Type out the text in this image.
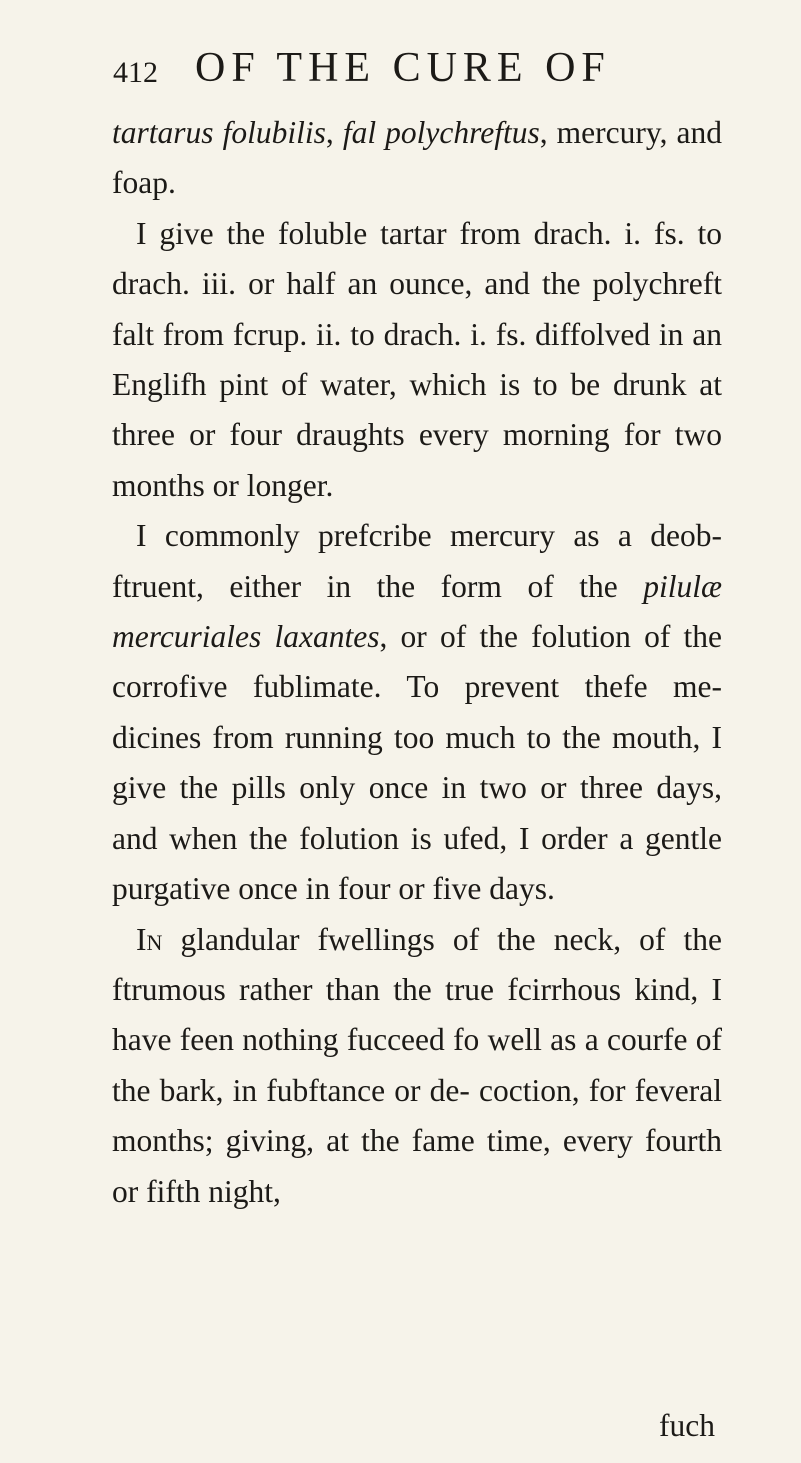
412 OF THE CURE OF

tartarus folubilis, fal polychreftus, mercury, and foap.

I give the foluble tartar from drach. i. fs. to drach. iii. or half an ounce, and the polychreft falt from fcrup. ii. to drach. i. fs. diffolved in an Englifh pint of water, which is to be drunk at three or four draughts every morning for two months or longer.

I commonly prefcribe mercury as a deob- ftruent, either in the form of the pilulæ mercuriales laxantes, or of the folution of the corrofive fublimate. To prevent thefe me- dicines from running too much to the mouth, I give the pills only once in two or three days, and when the folution is ufed, I order a gentle purgative once in four or five days.

In glandular fwellings of the neck, of the ftrumous rather than the true fcirrhous kind, I have feen nothing fucceed fo well as a courfe of the bark, in fubftance or de- coction, for feveral months; giving, at the fame time, every fourth or fifth night,

fuch
